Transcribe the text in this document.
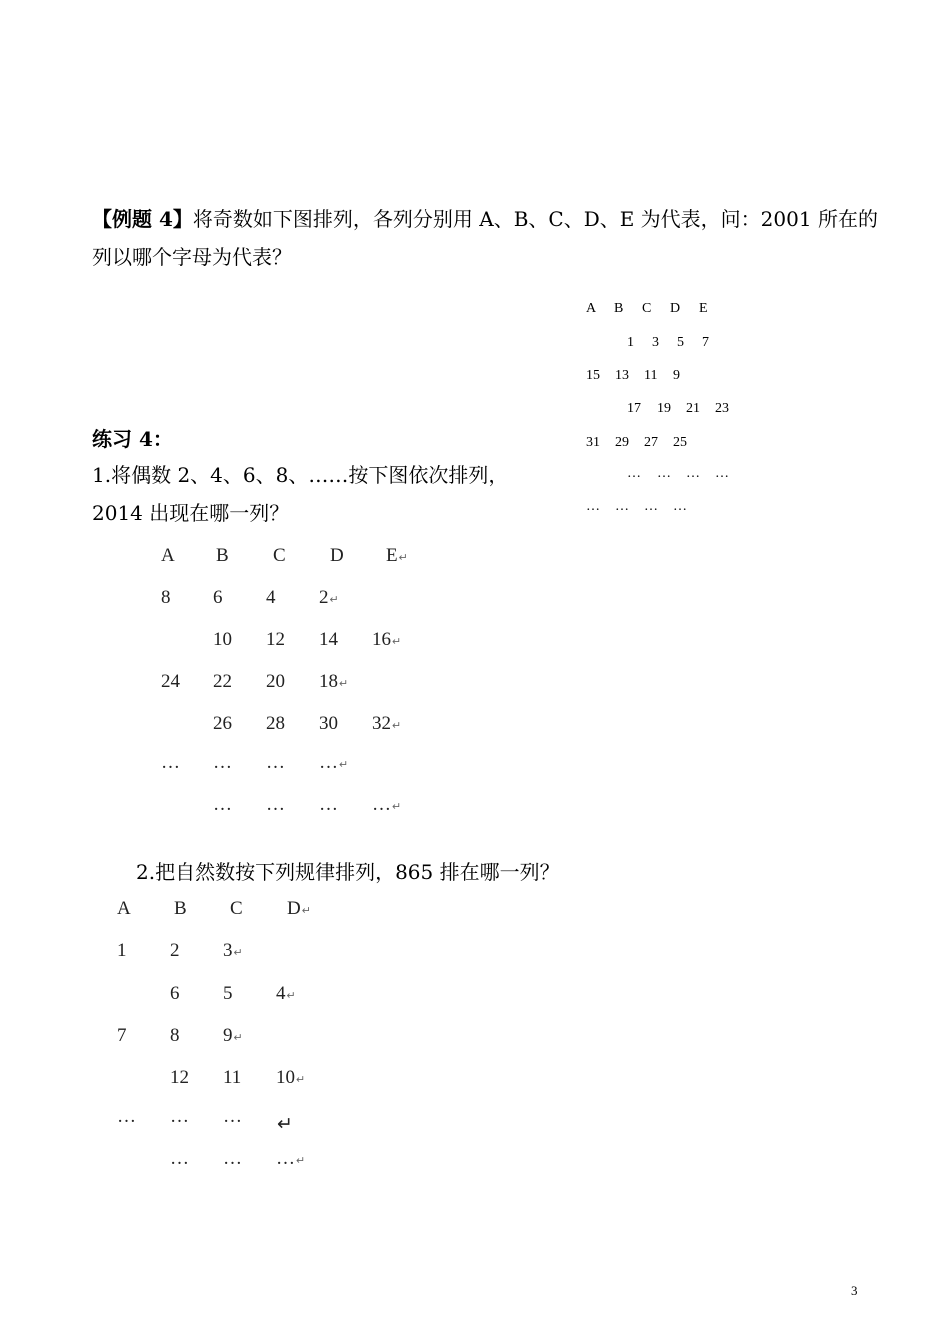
【例题 4】将奇数如下图排列，各列分别用 A、B、C、D、E 为代表，问：2001 所在的
列以哪个字母为代表？
A B C D E
1 3 5 7
15 13 11 9
17 19 21 23
31 29 27 25
… … … …
… … … …
练习 4：
1.将偶数 2、4、6、8、……按下图依次排列，
2014 出现在哪一列？
A B C D E↵
8 6 4 2↵
10 12 14 16↵
24 22 20 18↵
26 28 30 32↵
… … … …↵
… … … …↵
2.把自然数按下列规律排列，865 排在哪一列？
A B C D↵
1 2 3↵
6 5 4↵
7 8 9↵
12 11 10↵
… … … ↵
… … …↵
3
